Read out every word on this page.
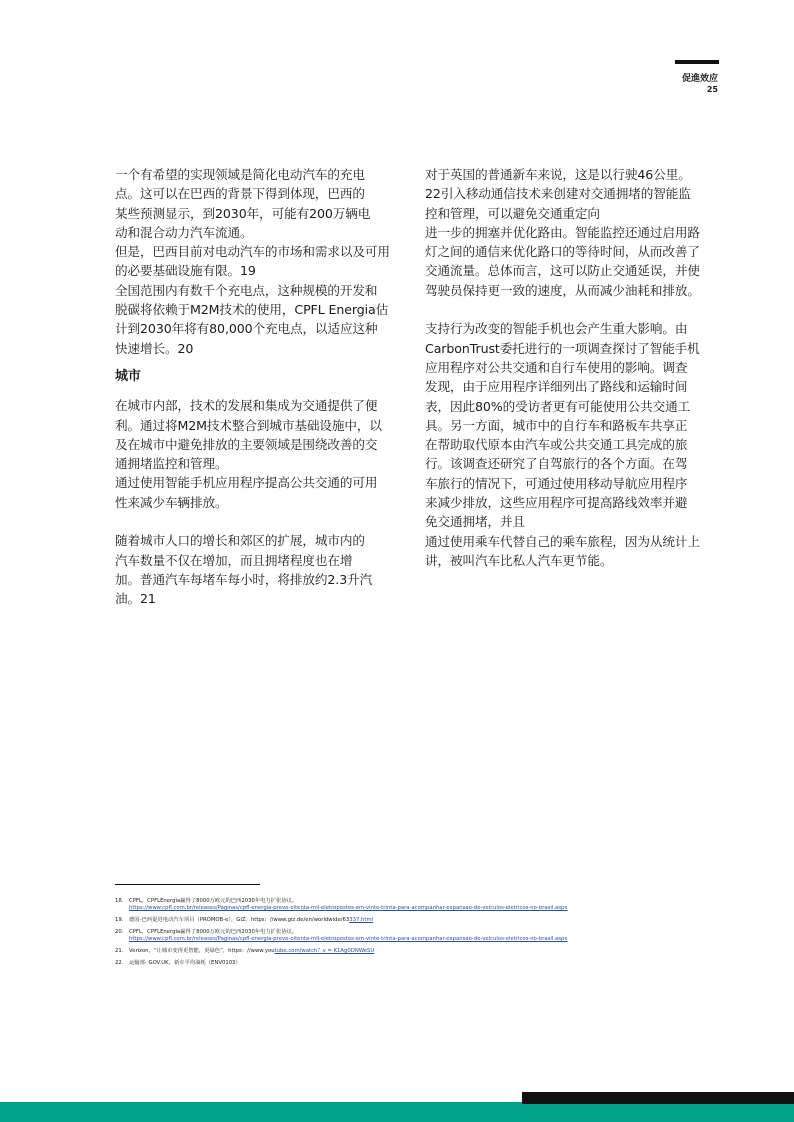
促進效应
25
一个有希望的实现领域是简化电动汽车的充电
点。这可以在巴西的背景下得到体现，巴西的
某些预测显示，到2030年，可能有200万辆电
动和混合动力汽车流通。
但是，巴西目前对电动汽车的市场和需求以及可用
的必要基础设施有限。19
全国范围内有数千个充电点，这种规模的开发和
脱碳将依赖于M2M技术的使用，CPFL Energia估
计到2030年将有80,000个充电点，以适应这种
快速增长。20
城市
在城市内部，技术的发展和集成为交通提供了便
利。通过将M2M技术整合到城市基础设施中，以
及在城市中避免排放的主要领域是围绕改善的交
通拥堵监控和管理。
通过使用智能手机应用程序提高公共交通的可用
性来减少车辆排放。
随着城市人口的增长和郊区的扩展，城市内的
汽车数量不仅在增加，而且拥堵程度也在增
加。普通汽车每堵车每小时，将排放约2.3升汽
油。21
对于英国的普通新车来说，这是以行驶46公里。
22引入移动通信技术来创建对交通拥堵的智能监
控和管理，可以避免交通重定向
进一步的拥塞并优化路由。智能监控还通过启用路
灯之间的通信来优化路口的等待时间，从而改善了
交通流量。总体而言，这可以防止交通延误，并使
驾驶员保持更一致的速度，从而减少油耗和排放。
支持行为改变的智能手机也会产生重大影响。由
CarbonTrust委托进行的一项调查探讨了智能手机
应用程序对公共交通和自行车使用的影响。调查
发现，由于应用程序详细列出了路线和运输时间
表，因此80%的受访者更有可能使用公共交通工
具。另一方面，城市中的自行车和路板车共享正
在帮助取代原本由汽车或公共交通工具完成的旅
行。该调查还研究了自驾旅行的各个方面。在驾
车旅行的情况下，可通过使用移动导航应用程序
来减少排放，这些应用程序可提高路线效率并避
免交通拥堵，并且
通过使用乘车代替自己的乘车旅程，因为从统计上
讲，被叫汽车比私人汽车更节能。
18. CPFL，CPFLEnergia赢得了8000万欧元的巴西2030年电力扩张协议。
https://www.cpfl.com.br/releases/Paginas/cpfl-energia-preve-oitenta-mil-eletropostos-em-vinte-trinta-para-acompanhar-expansao-de-veiculos-eletricos-no-brasil.aspx
19. 德国-巴西促进电动汽车项目（PROMOB-e），GIZ，https：//www.giz.de/en/worldwide/63337.html
20. CPFL，CPFLEnergia赢得了8000万欧元的巴西2030年电力扩张协议。
https://www.cpfl.com.br/releases/Paginas/cpfl-energia-preve-oitenta-mil-eletropostos-em-vinte-trinta-para-acompanhar-expansao-de-veiculos-eletricos-no-brasil.aspx
21. Verizon，“让城市变得更智能，更绿色”，https：//www.youtube.com/watch？v = K1Ag0DNWeSU
22. 运输部- GOV.UK，新车平均油耗（ENV0103）
